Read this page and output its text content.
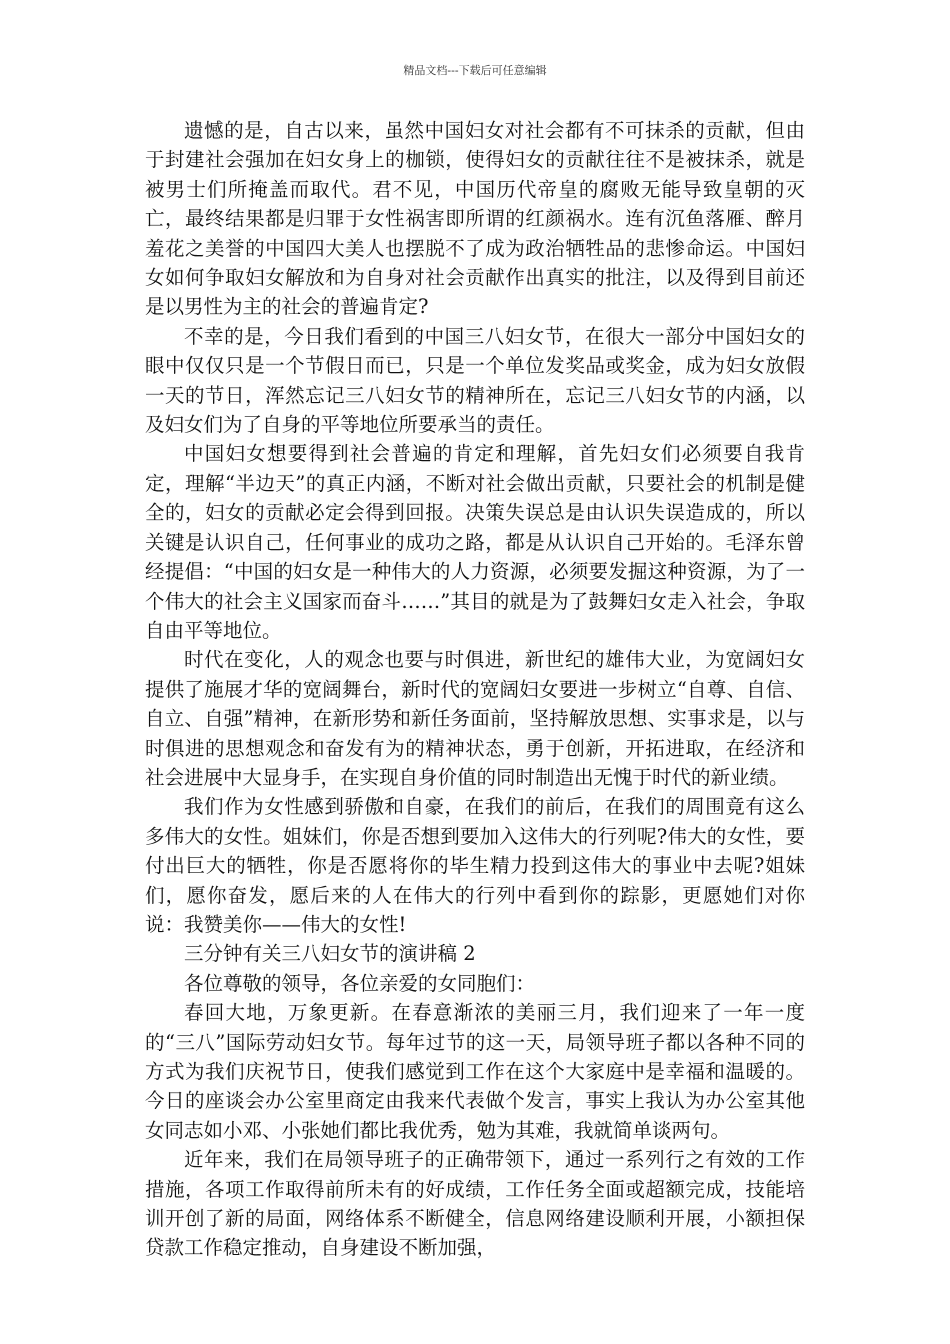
精品文档---下载后可任意编辑

遗憾的是，自古以来，虽然中国妇女对社会都有不可抹杀的贡献，但由于封建社会强加在妇女身上的枷锁，使得妇女的贡献往往不是被抹杀，就是被男士们所掩盖而取代。君不见，中国历代帝皇的腐败无能导致皇朝的灭亡，最终结果都是归罪于女性祸害即所谓的红颜祸水。连有沉鱼落雁、醉月羞花之美誉的中国四大美人也摆脱不了成为政治牺牲品的悲惨命运。中国妇女如何争取妇女解放和为自身对社会贡献作出真实的批注，以及得到目前还是以男性为主的社会的普遍肯定?

不幸的是，今日我们看到的中国三八妇女节，在很大一部分中国妇女的眼中仅仅只是一个节假日而已，只是一个单位发奖品或奖金，成为妇女放假一天的节日，浑然忘记三八妇女节的精神所在，忘记三八妇女节的内涵，以及妇女们为了自身的平等地位所要承当的责任。

中国妇女想要得到社会普遍的肯定和理解，首先妇女们必须要自我肯定，理解“半边天”的真正内涵，不断对社会做出贡献，只要社会的机制是健全的，妇女的贡献必定会得到回报。决策失误总是由认识失误造成的，所以关键是认识自己，任何事业的成功之路，都是从认识自己开始的。毛泽东曾经提倡：“中国的妇女是一种伟大的人力资源，必须要发掘这种资源，为了一个伟大的社会主义国家而奋斗……”其目的就是为了鼓舞妇女走入社会，争取自由平等地位。

时代在变化，人的观念也要与时俱进，新世纪的雄伟大业，为宽阔妇女提供了施展才华的宽阔舞台，新时代的宽阔妇女要进一步树立“自尊、自信、自立、自强”精神，在新形势和新任务面前，坚持解放思想、实事求是，以与时俱进的思想观念和奋发有为的精神状态，勇于创新，开拓进取，在经济和社会进展中大显身手，在实现自身价值的同时制造出无愧于时代的新业绩。

我们作为女性感到骄傲和自豪，在我们的前后，在我们的周围竟有这么多伟大的女性。姐妹们，你是否想到要加入这伟大的行列呢?伟大的女性，要付出巨大的牺牲，你是否愿将你的毕生精力投到这伟大的事业中去呢?姐妹们，愿你奋发，愿后来的人在伟大的行列中看到你的踪影，更愿她们对你说：我赞美你——伟大的女性!

三分钟有关三八妇女节的演讲稿 2

各位尊敬的领导，各位亲爱的女同胞们：

春回大地，万象更新。在春意渐浓的美丽三月，我们迎来了一年一度的“三八”国际劳动妇女节。每年过节的这一天，局领导班子都以各种不同的方式为我们庆祝节日，使我们感觉到工作在这个大家庭中是幸福和温暖的。今日的座谈会办公室里商定由我来代表做个发言，事实上我认为办公室其他女同志如小邓、小张她们都比我优秀，勉为其难，我就简单谈两句。

近年来，我们在局领导班子的正确带领下，通过一系列行之有效的工作措施，各项工作取得前所未有的好成绩，工作任务全面或超额完成，技能培训开创了新的局面，网络体系不断健全，信息网络建设顺利开展，小额担保贷款工作稳定推动，自身建设不断加强，
